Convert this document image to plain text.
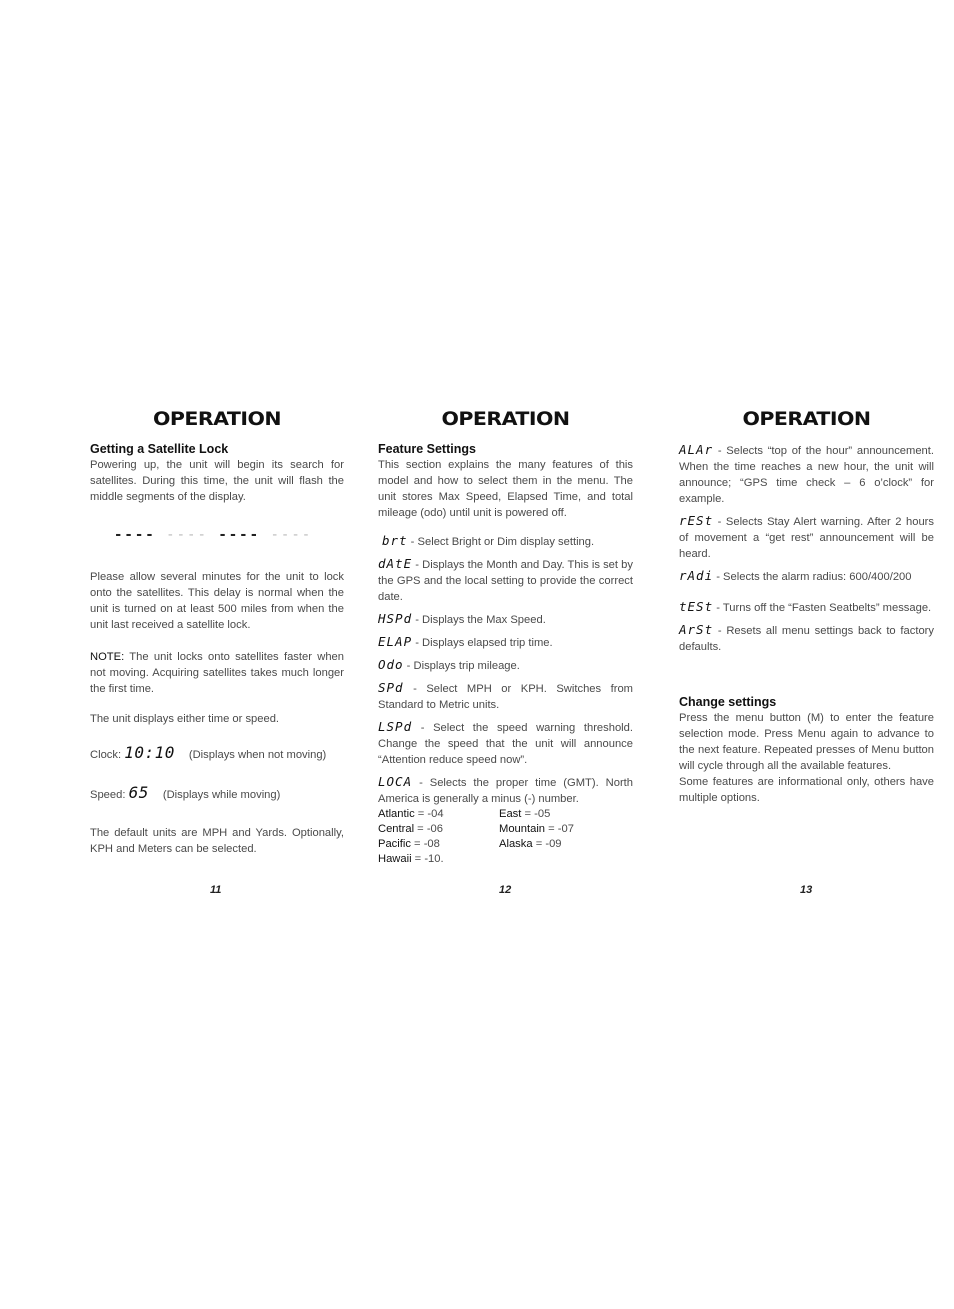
OPERATION
Getting a Satellite Lock

Powering up, the unit will begin its search for satellites. During this time, the unit will flash the middle segments of the display.

---- ---- ---- ----

Please allow several minutes for the unit to lock onto the satellites. This delay is normal when the unit is turned on at least 500 miles from when the unit last received a satellite lock.

NOTE: The unit locks onto satellites faster when not moving. Acquiring satellites takes much longer the first time.

The unit displays either time or speed.

Clock: 10:10 (Displays when not moving)
Speed: 65 (Displays while moving)

The default units are MPH and Yards. Optionally, KPH and Meters can be selected.

OPERATION
Feature Settings

This section explains the many features of this model and how to select them in the menu. The unit stores Max Speed, Elapsed Time, and total mileage (odo) until unit is powered off.

brt - Select Bright or Dim display setting.

dAtE - Displays the Month and Day. This is set by the GPS and the local setting to provide the correct date.

HSPd - Displays the Max Speed.

ELAP - Displays elapsed trip time.

Odo - Displays trip mileage.

SPd - Select MPH or KPH. Switches from Standard to Metric units.

LSPd - Select the speed warning threshold. Change the speed that the unit will announce “Attention reduce speed now”.

LOCA - Selects the proper time (GMT). North America is generally a minus (-) number.

Atlantic = -04	East = -05
Central = -06	Mountain = -07
Pacific = -08	Alaska = -09
Hawaii = -10.
OPERATION

ALAr - Selects “top of the hour” announcement. When the time reaches a new hour, the unit will announce; “GPS time check – 6 o’clock” for example.

rESt - Selects Stay Alert warning. After 2 hours of movement a “get rest” announcement will be heard.

rAdi - Selects the alarm radius: 600/400/200

tESt - Turns off the “Fasten Seatbelts” message.

ArSt - Resets all menu settings back to factory defaults.

Change settings

Press the menu button (M) to enter the feature selection mode. Press Menu again to advance to the next feature. Repeated presses of Menu button will cycle through all the available features.

Some features are informational only, others have multiple options.

11	12	13
